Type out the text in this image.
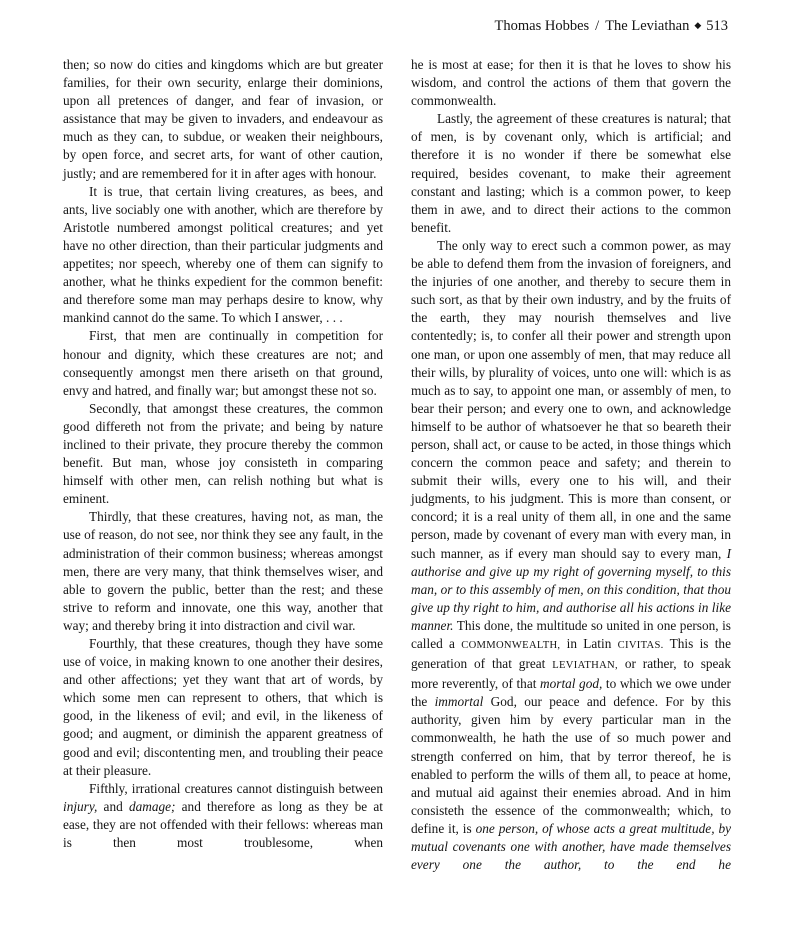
Thomas Hobbes / The Leviathan ◆ 513

then; so now do cities and kingdoms which are but greater families, for their own security, enlarge their dominions, upon all pretences of danger, and fear of invasion, or assistance that may be given to invaders, and endeavour as much as they can, to subdue, or weaken their neighbours, by open force, and secret arts, for want of other caution, justly; and are remembered for it in after ages with honour.

It is true, that certain living creatures, as bees, and ants, live sociably one with another, which are therefore by Aristotle numbered amongst political creatures; and yet have no other direction, than their particular judgments and appetites; nor speech, whereby one of them can signify to another, what he thinks expedient for the common benefit: and therefore some man may perhaps desire to know, why mankind cannot do the same. To which I answer, . . .

First, that men are continually in competition for honour and dignity, which these creatures are not; and consequently amongst men there ariseth on that ground, envy and hatred, and finally war; but amongst these not so.

Secondly, that amongst these creatures, the common good differeth not from the private; and being by nature inclined to their private, they procure thereby the common benefit. But man, whose joy consisteth in comparing himself with other men, can relish nothing but what is eminent.

Thirdly, that these creatures, having not, as man, the use of reason, do not see, nor think they see any fault, in the administration of their common business; whereas amongst men, there are very many, that think themselves wiser, and able to govern the public, better than the rest; and these strive to reform and innovate, one this way, another that way; and thereby bring it into distraction and civil war.

Fourthly, that these creatures, though they have some use of voice, in making known to one another their desires, and other affections; yet they want that art of words, by which some men can represent to others, that which is good, in the likeness of evil; and evil, in the likeness of good; and augment, or diminish the apparent greatness of good and evil; discontenting men, and troubling their peace at their pleasure.

Fifthly, irrational creatures cannot distinguish between injury, and damage; and therefore as long as they be at ease, they are not offended with their fellows: whereas man is then most troublesome, when

he is most at ease; for then it is that he loves to show his wisdom, and control the actions of them that govern the commonwealth.

Lastly, the agreement of these creatures is natural; that of men, is by covenant only, which is artificial; and therefore it is no wonder if there be somewhat else required, besides covenant, to make their agreement constant and lasting; which is a common power, to keep them in awe, and to direct their actions to the common benefit.

The only way to erect such a common power, as may be able to defend them from the invasion of foreigners, and the injuries of one another, and thereby to secure them in such sort, as that by their own industry, and by the fruits of the earth, they may nourish themselves and live contentedly; is, to confer all their power and strength upon one man, or upon one assembly of men, that may reduce all their wills, by plurality of voices, unto one will: which is as much as to say, to appoint one man, or assembly of men, to bear their person; and every one to own, and acknowledge himself to be author of whatsoever he that so beareth their person, shall act, or cause to be acted, in those things which concern the common peace and safety; and therein to submit their wills, every one to his will, and their judgments, to his judgment. This is more than consent, or concord; it is a real unity of them all, in one and the same person, made by covenant of every man with every man, in such manner, as if every man should say to every man, I authorise and give up my right of governing myself, to this man, or to this assembly of men, on this condition, that thou give up thy right to him, and authorise all his actions in like manner. This done, the multitude so united in one person, is called a COMMONWEALTH, in Latin CIVITAS. This is the generation of that great LEVIATHAN, or rather, to speak more reverently, of that mortal god, to which we owe under the immortal God, our peace and defence. For by this authority, given him by every particular man in the commonwealth, he hath the use of so much power and strength conferred on him, that by terror thereof, he is enabled to perform the wills of them all, to peace at home, and mutual aid against their enemies abroad. And in him consisteth the essence of the commonwealth; which, to define it, is one person, of whose acts a great multitude, by mutual covenants one with another, have made themselves every one the author, to the end he
